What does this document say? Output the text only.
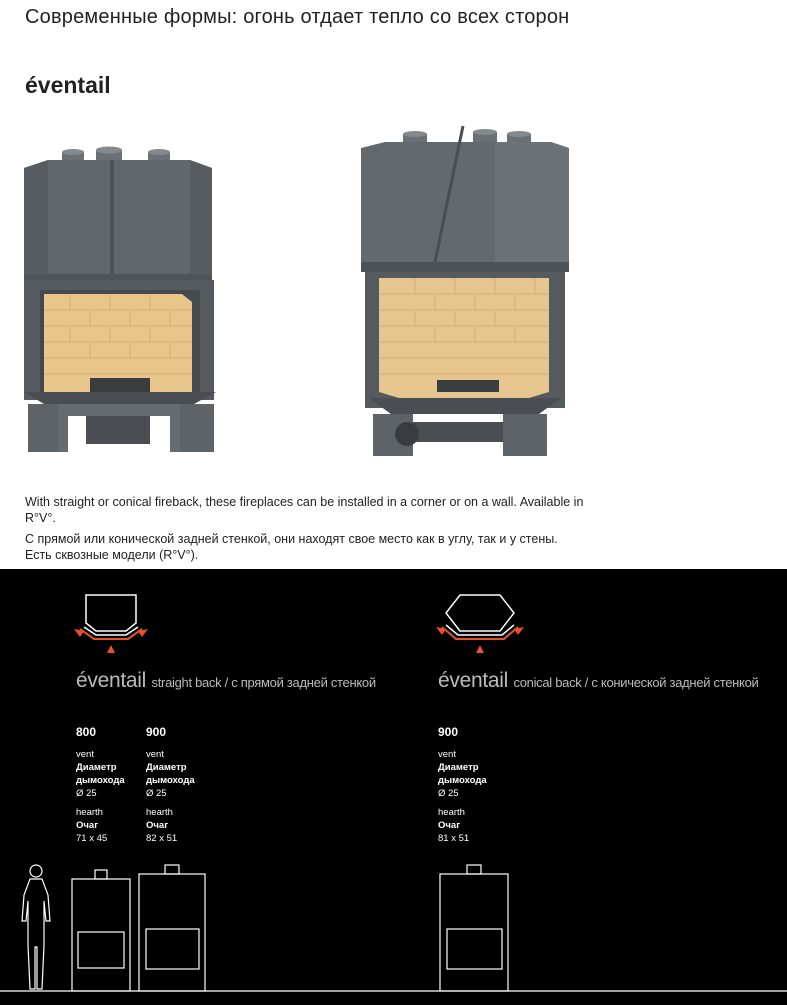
Современные формы: огонь отдает тепло со всех сторон
éventail
With straight or conical fireback, these fireplaces can be installed in a corner or on a wall. Available in R°V°.
С прямой или конической задней стенкой, они находят свое место как в углу, так и у стены. Есть сквозные модели (R°V°).
éventail straight back / с прямой задней стенкой	éventail conical back / с конической задней стенкой
800
vent
Диаметр
дымохода
Ø 25
hearth
Очаг
71 x 45
900
vent
Диаметр
дымохода
Ø 25
hearth
Очаг
82 x 51
900
vent
Диаметр
дымохода
Ø 25
hearth
Очаг
81 x 51
